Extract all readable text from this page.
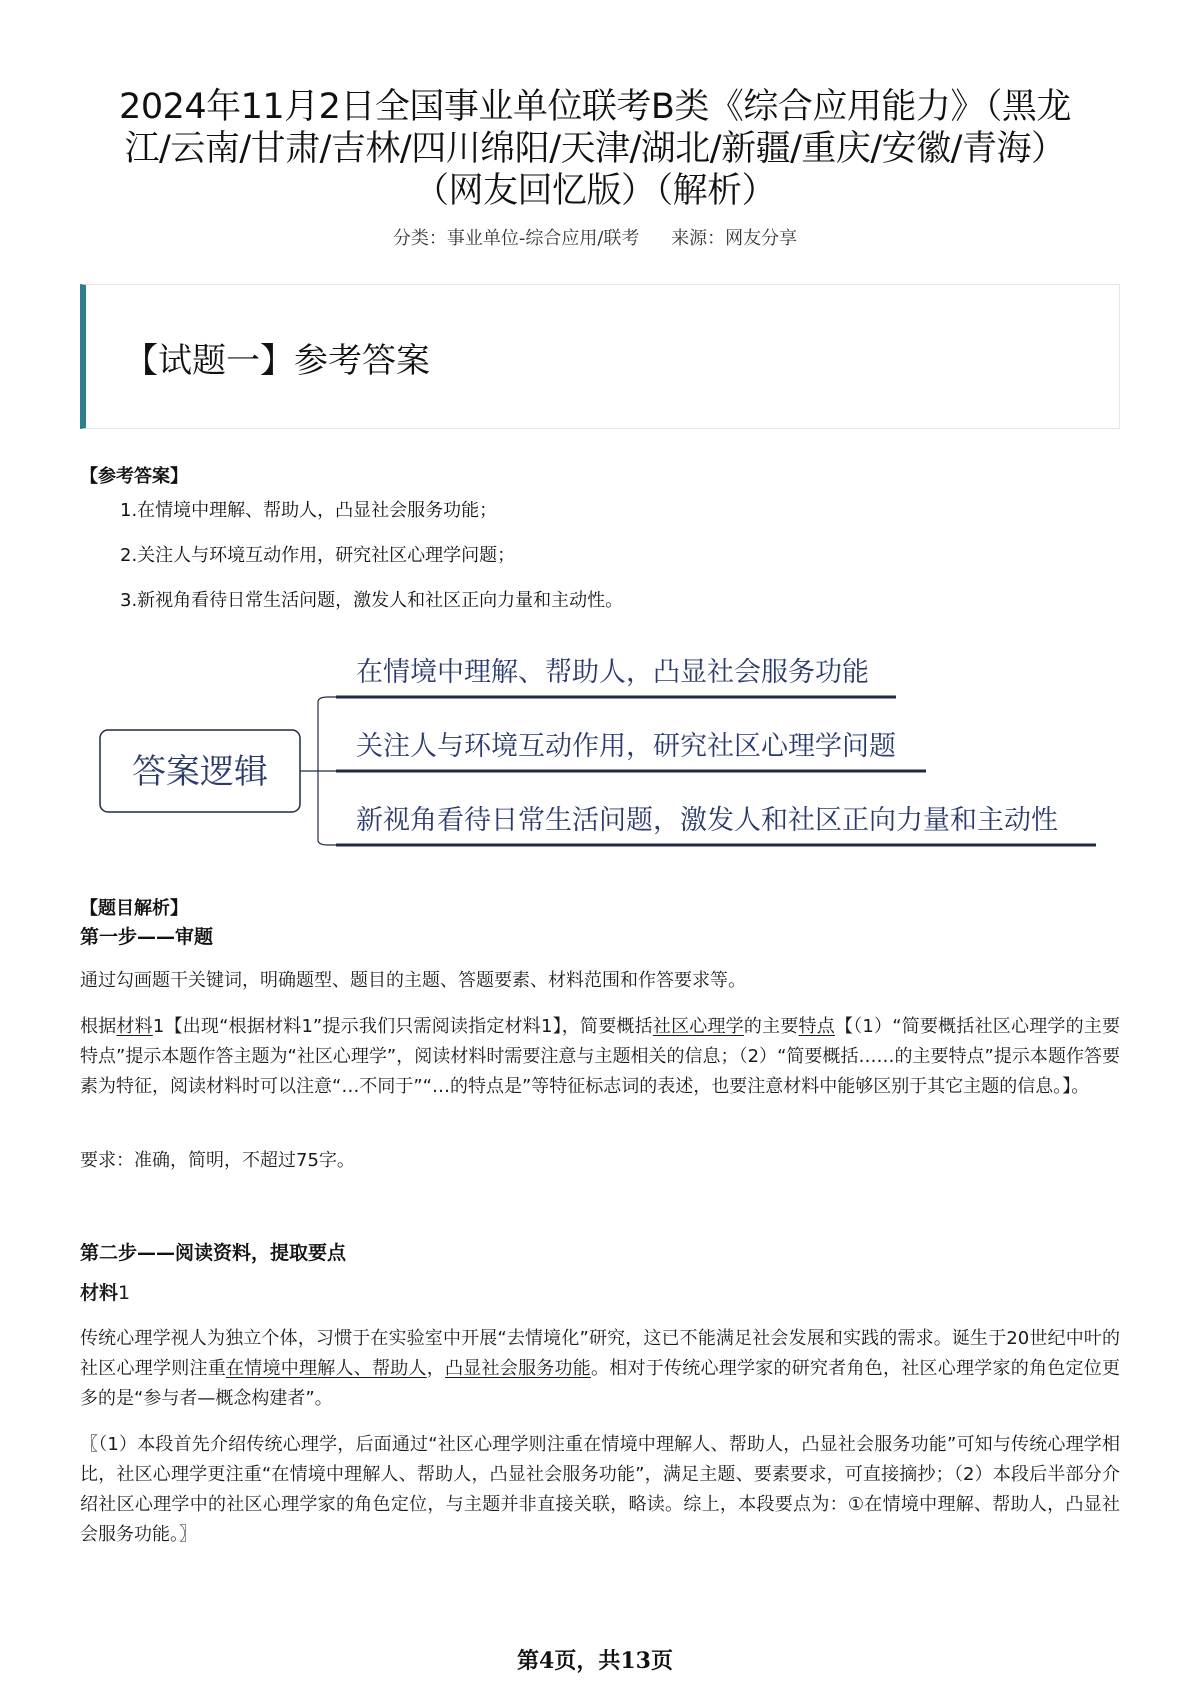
2024年11月2日全国事业单位联考B类《综合应用能力》（黑龙
江/云南/甘肃/吉林/四川绵阳/天津/湖北/新疆/重庆/安徽/青海）
（网友回忆版）（解析）
分类：事业单位-综合应用/联考 来源：网友分享
【试题一】参考答案
【参考答案】
1.在情境中理解、帮助人，凸显社会服务功能；
2.关注人与环境互动作用，研究社区心理学问题；
3.新视角看待日常生活问题，激发人和社区正向力量和主动性。
答案逻辑
在情境中理解、帮助人，凸显社会服务功能
关注人与环境互动作用，研究社区心理学问题
新视角看待日常生活问题，激发人和社区正向力量和主动性
【题目解析】
第一步——审题
通过勾画题干关键词，明确题型、题目的主题、答题要素、材料范围和作答要求等。
根据材料1【出现“根据材料1”提示我们只需阅读指定材料1】，简要概括社区心理学的主要特点【（1）“简要概括社区心理学的主要特点”提示本题作答主题为“社区心理学”，阅读材料时需要注意与主题相关的信息；（2）“简要概括……的主要特点”提示本题作答要素为特征，阅读材料时可以注意“…不同于”“…的特点是”等特征标志词的表述，也要注意材料中能够区别于其它主题的信息。】。
要求：准确，简明，不超过75字。
第二步——阅读资料，提取要点
材料1
传统心理学视人为独立个体，习惯于在实验室中开展“去情境化”研究，这已不能满足社会发展和实践的需求。诞生于20世纪中叶的社区心理学则注重在情境中理解人、帮助人，凸显社会服务功能。相对于传统心理学家的研究者角色，社区心理学家的角色定位更多的是“参与者—概念构建者”。
〖（1）本段首先介绍传统心理学，后面通过“社区心理学则注重在情境中理解人、帮助人，凸显社会服务功能”可知与传统心理学相比，社区心理学更注重“在情境中理解人、帮助人，凸显社会服务功能”，满足主题、要素要求，可直接摘抄；（2）本段后半部分介绍社区心理学中的社区心理学家的角色定位，与主题并非直接关联，略读。综上，本段要点为：①在情境中理解、帮助人，凸显社会服务功能。〗
第4页，共13页
